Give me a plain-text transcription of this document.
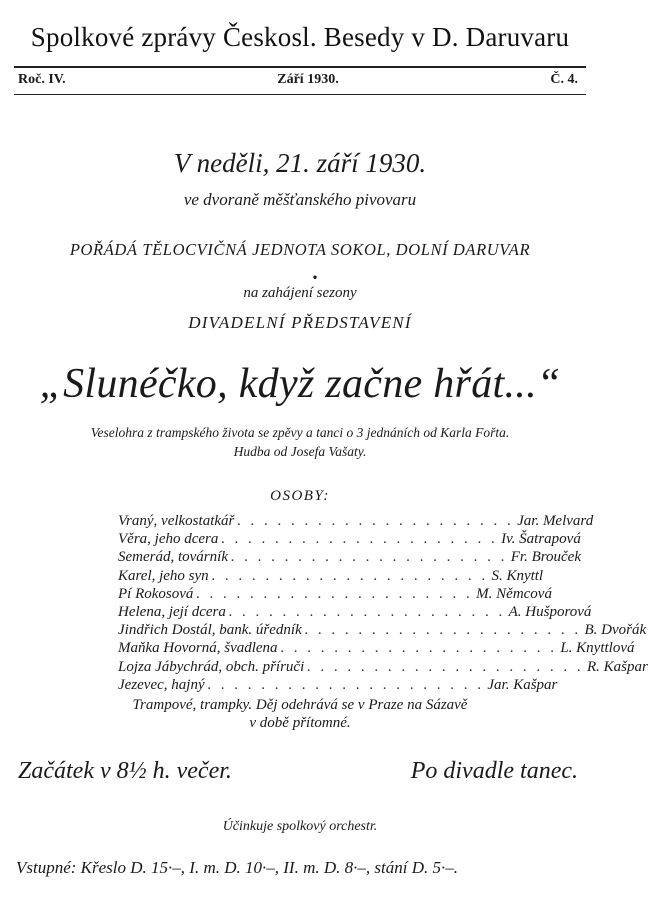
Spolkové zprávy Českosl. Besedy v D. Daruvaru
Roč. IV.	Září 1930.	Č. 4.
V neděli, 21. září 1930.
ve dvoraně měšťanského pivovaru
POŘÁDÁ TĚLOCVIČNÁ JEDNOTA SOKOL, DOLNÍ DARUVAR
•
na zahájení sezony
DIVADELNÍ PŘEDSTAVENÍ
„Slunéčko, když začne hřát...“
Veselohra z trampského života se zpěvy a tanci o 3 jednáních od Karla Fořta.
Hudba od Josefa Vašaty.
OSOBY:
Vraný, velkostatkář . . . . . . . . . . . . . . . . . . . . . Jar. Melvard
Věra, jeho dcera . . . . . . . . . . . . . . . . . . . . . Iv. Šatrapová
Semerád, továrník . . . . . . . . . . . . . . . . . . . . . Fr. Brouček
Karel, jeho syn . . . . . . . . . . . . . . . . . . . . . S. Knyttl
Pí Rokosová . . . . . . . . . . . . . . . . . . . . . M. Němcová
Helena, její dcera . . . . . . . . . . . . . . . . . . . . . A. Hušporová
Jindřich Dostál, bank. úředník . . . . . . . . . . . . . . . . . . . . . B. Dvořák
Maňka Hovorná, švadlena . . . . . . . . . . . . . . . . . . . . . L. Knyttlová
Lojza Jábychrád, obch. příruči . . . . . . . . . . . . . . . . . . . . . R. Kašpar
Jezevec, hajný . . . . . . . . . . . . . . . . . . . . . Jar. Kašpar
Trampové, trampky. Děj odehrává se v Praze na Sázavě
v době přítomné.
Začátek v 8½ h. večer.	Po divadle tanec.
Účinkuje spolkový orchestr.
Vstupné: Křeslo D. 15·–, I. m. D. 10·–, II. m. D. 8·–, stání D. 5·–.
